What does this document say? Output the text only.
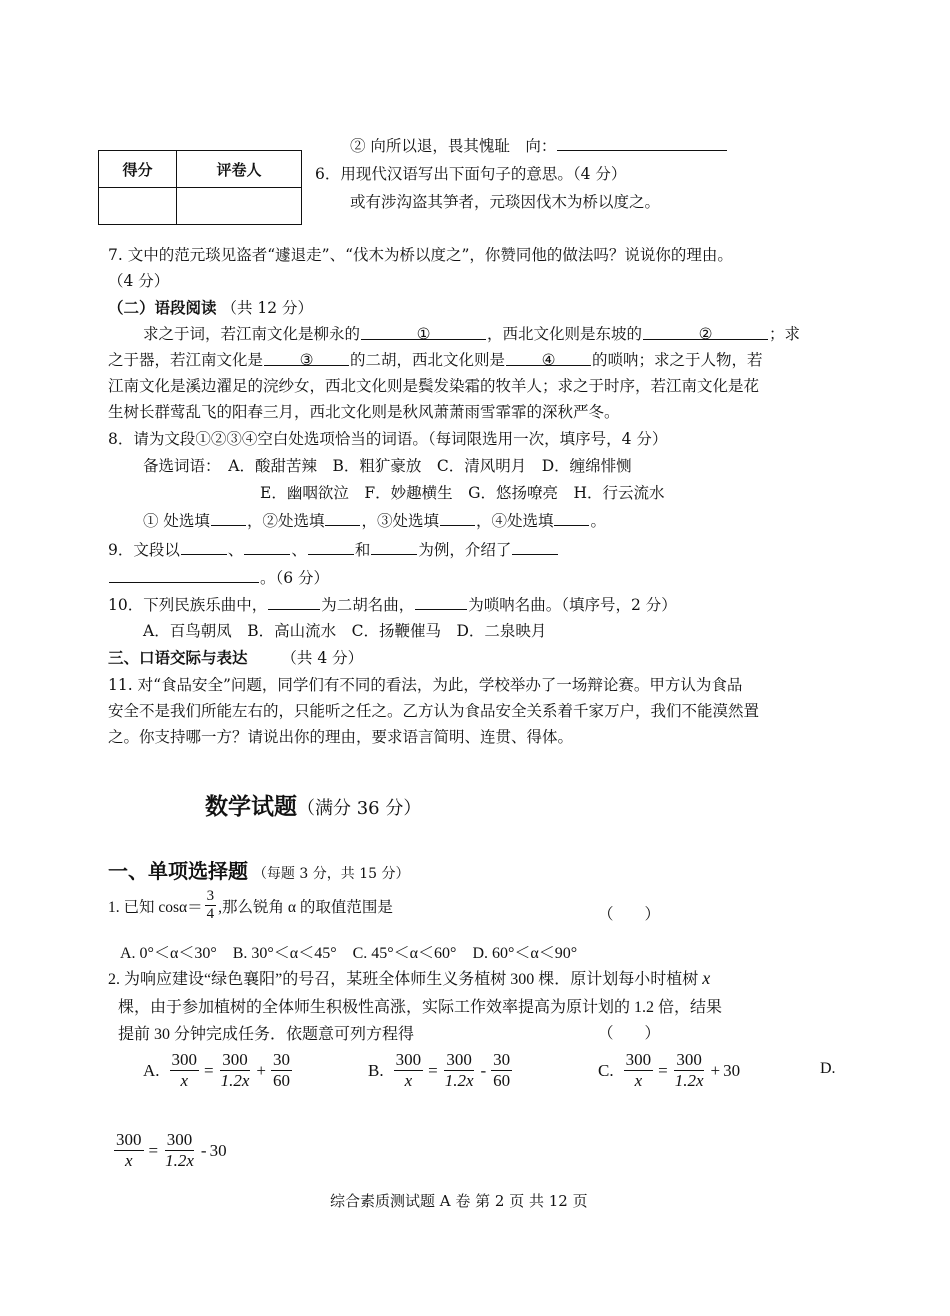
② 向所以退，畏其愧耻　向：
得分	评卷人
		6．用现代汉语写出下面句子的意思。（4 分）
或有涉沟盗其笋者，元琰因伐木为桥以度之。
7. 文中的范元琰见盗者“遽退走”、“伐木为桥以度之”，你赞同他的做法吗？说说你的理由。
（4 分）
（二）语段阅读 （共 12 分）
求之于词，若江南文化是柳永的	①	，西北文化则是东坡的	②	；求
之于器，若江南文化是 ③ 的二胡，西北文化则是 ④ 的唢呐；求之于人物，若
江南文化是溪边濯足的浣纱女，西北文化则是鬓发染霜的牧羊人；求之于时序，若江南文化是花
生树长群莺乱飞的阳春三月，西北文化则是秋风萧萧雨雪霏霏的深秋严冬。
8．请为文段①②③④空白处选项恰当的词语。（每词限选用一次，填序号，4 分）
备选词语：　A．酸甜苦辣　B．粗犷豪放　C．清风明月　D．缠绵悱恻
E．幽咽欲泣　F．妙趣横生　G．悠扬嘹亮　H．行云流水
① 处选填 ，②处选填 ，③处选填 ，④处选填 。
9．文段以	、	、	和	为例，介绍了
。（6 分）
10．下列民族乐曲中，	为二胡名曲，	为唢呐名曲。（填序号，2 分）
A．百鸟朝凤　B．高山流水　C．扬鞭催马　D．二泉映月
三、口语交际与表达 （共 4 分）
11. 对“食品安全”问题，同学们有不同的看法，为此，学校举办了一场辩论赛。甲方认为食品
安全不是我们所能左右的，只能听之任之。乙方认为食品安全关系着千家万户，我们不能漠然置
之。你支持哪一方？请说出你的理由，要求语言简明、连贯、得体。
数学试题（满分 36 分）
一、单项选择题 （每题 3 分，共 15 分）
1. 已知 $\cos\alpha= \frac{3}{4}$ ,那么锐角 α 的取值范围是	（　　）
A. 0°＜α＜30°　B. 30°＜α＜45°　C. 45°＜α＜60°　D. 60°＜α＜90°
2. 为响应建设“绿色襄阳”的号召，某班全体师生义务植树 300 棵．原计划每小时植树 x
棵，由于参加植树的全体师生积极性高涨，实际工作效率提高为原计划的 1.2 倍，结果
提前 30 分钟完成任务．依题意可列方程得	（　　）
A. $\frac{300}{x} = \frac{300}{1.2x} + \frac{30}{60}$	B. $\frac{300}{x} = \frac{300}{1.2x} - \frac{30}{60}$	C. $\frac{300}{x} = \frac{300}{1.2x} + 30$	D.
$\frac{300}{x} = \frac{300}{1.2x} - 30$
综合素质测试题 A 卷 第 2 页 共 12 页
